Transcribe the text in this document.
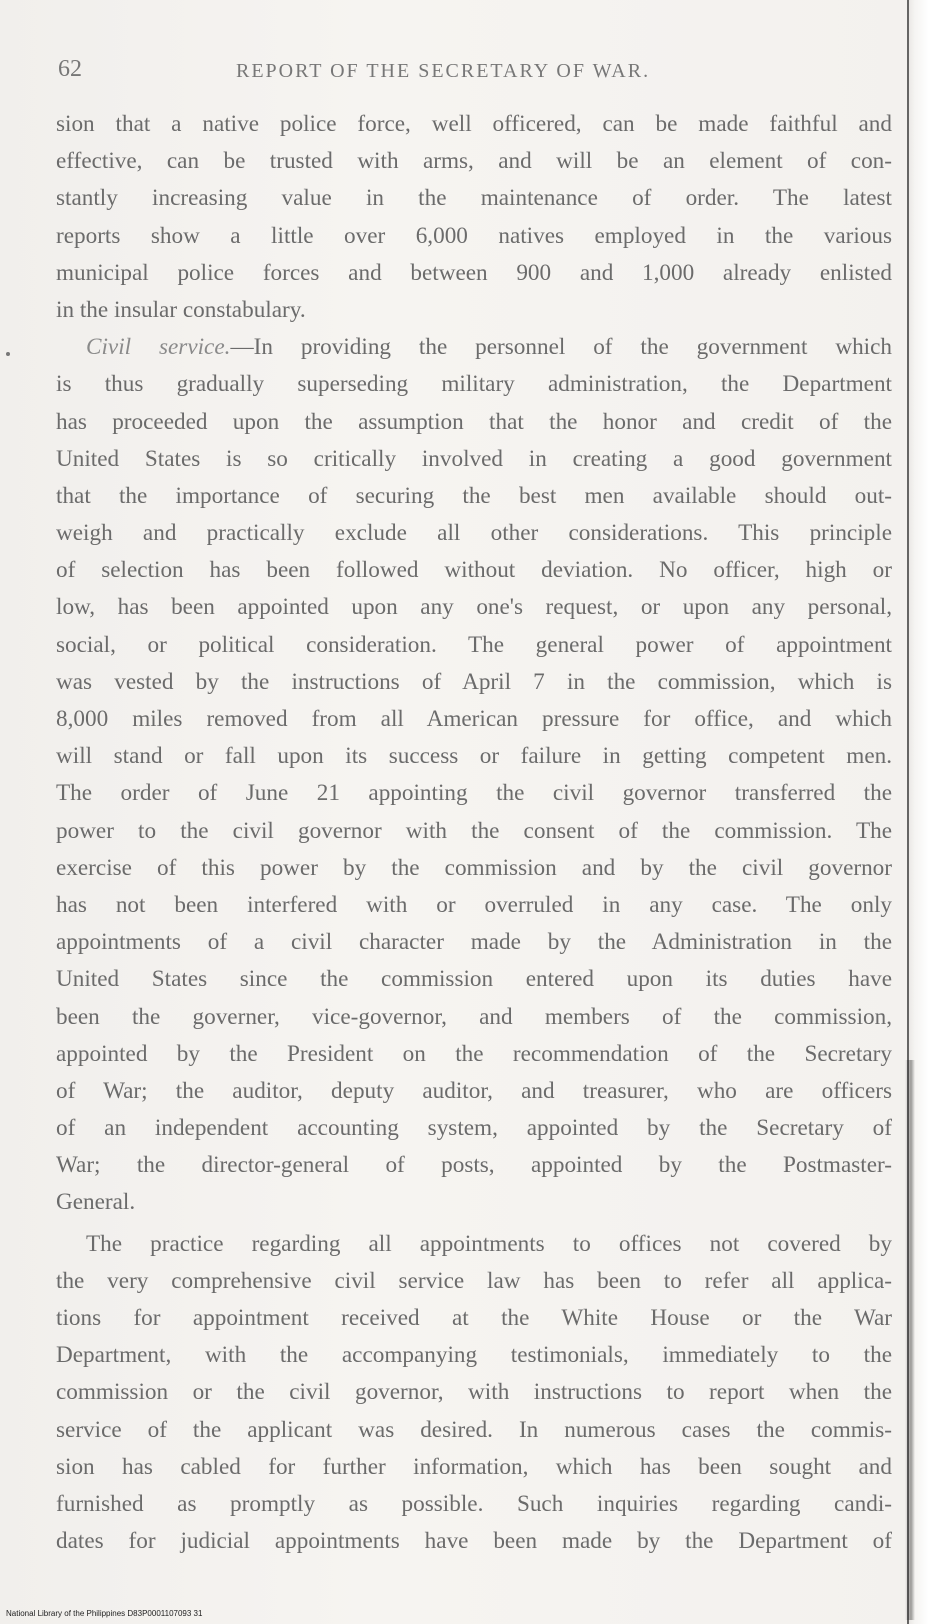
62	REPORT OF THE SECRETARY OF WAR.
sion that a native police force, well officered, can be made faithful and
effective, can be trusted with arms, and will be an element of con-
stantly increasing value in the maintenance of order. The latest
reports show a little over 6,000 natives employed in the various
municipal police forces and between 900 and 1,000 already enlisted
in the insular constabulary.
Civil service.—In providing the personnel of the government which
is thus gradually superseding military administration, the Department
has proceeded upon the assumption that the honor and credit of the
United States is so critically involved in creating a good government
that the importance of securing the best men available should out-
weigh and practically exclude all other considerations. This principle
of selection has been followed without deviation. No officer, high or
low, has been appointed upon any one's request, or upon any personal,
social, or political consideration. The general power of appointment
was vested by the instructions of April 7 in the commission, which is
8,000 miles removed from all American pressure for office, and which
will stand or fall upon its success or failure in getting competent men.
The order of June 21 appointing the civil governor transferred the
power to the civil governor with the consent of the commission. The
exercise of this power by the commission and by the civil governor
has not been interfered with or overruled in any case. The only
appointments of a civil character made by the Administration in the
United States since the commission entered upon its duties have
been the governer, vice-governor, and members of the commission,
appointed by the President on the recommendation of the Secretary
of War; the auditor, deputy auditor, and treasurer, who are officers
of an independent accounting system, appointed by the Secretary of
War; the director-general of posts, appointed by the Postmaster-
General.
The practice regarding all appointments to offices not covered by
the very comprehensive civil service law has been to refer all applica-
tions for appointment received at the White House or the War
Department, with the accompanying testimonials, immediately to the
commission or the civil governor, with instructions to report when the
service of the applicant was desired. In numerous cases the commis-
sion has cabled for further information, which has been sought and
furnished as promptly as possible. Such inquiries regarding candi-
dates for judicial appointments have been made by the Department of
National Library of the Philippines D83P0001107093 31
